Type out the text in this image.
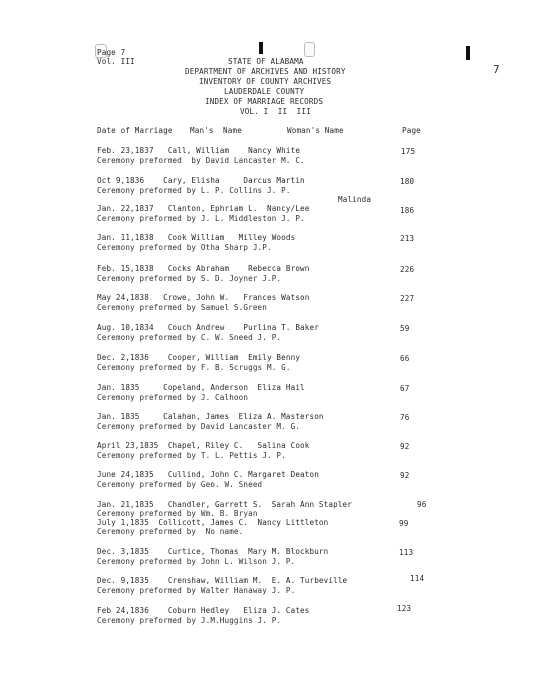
Page 7
Vol. III
7
STATE OF ALABAMA
DEPARTMENT OF ARCHIVES AND HISTORY
INVENTORY OF COUNTY ARCHIVES
LAUDERDALE COUNTY
INDEX OF MARRIAGE RECORDS
VOL. I  II  III
Date of Marriage Man's  Name	Woman's Name	Page
Feb. 23,1837   Call, William    Nancy White	175
Ceremony preformed  by David Lancaster M. C.
Oct 9,1836    Cary, Elisha     Darcus Martin	180
Ceremony preformed by L. P. Collins J. P.
Malinda
Jan. 22,1837   Clanton, Ephriam L.  Nancy/Lee	186
Ceremony preformed by J. L. Middleston J. P.
Jan. 11,1838   Cook William   Milley Woods	213
Ceremony preformed by Otha Sharp J.P.
Feb. 15,1838   Cocks Abraham    Rebecca Brown	226
Ceremony preformed by S. D. Joyner J.P.
May 24,1838   Crowe, John W.   Frances Watson	227
Ceremony preformed by Samuel S.Green
Aug. 10,1834   Couch Andrew    Purlina T. Baker	59
Ceremony preformed by C. W. Sneed J. P.
Dec. 2,1836    Cooper, William  Emily Benny	66
Ceremony preformed by F. B. Scruggs M. G.
Jan. 1835     Copeland, Anderson  Eliza Hail	67
Ceremony preformed by J. Calhoon
Jan. 1835     Calahan, James  Eliza A. Masterson	76
Ceremony preformed by David Lancaster M. G.
April 23,1835  Chapel, Riley C.   Salina Cook	92
Ceremony preformed by T. L. Pettis J. P.
June 24,1835   Cullind, John C. Margaret Deaton	92
Ceremony preformed by Geo. W. Sneed
Jan. 21,1835   Chandler, Garrett S.  Sarah Ann Stapler	96
Ceremony preformed by Wm. B. Bryan
July 1,1835  Collicott, James C.  Nancy Littleton	99
Ceremony preformed by  No name.
Dec. 3,1835    Curtice, Thomas  Mary M. Blockburn	113
Ceremony preformed by John L. Wilson J. P.
Dec. 9,1835    Crenshaw, William M.  E. A. Turbeville	114
Ceremony preformed by Walter Hanaway J. P.
Feb 24,1836    Coburn Hedley   Eliza J. Cates	123
Ceremony preformed by J.M.Huggins J. P.
